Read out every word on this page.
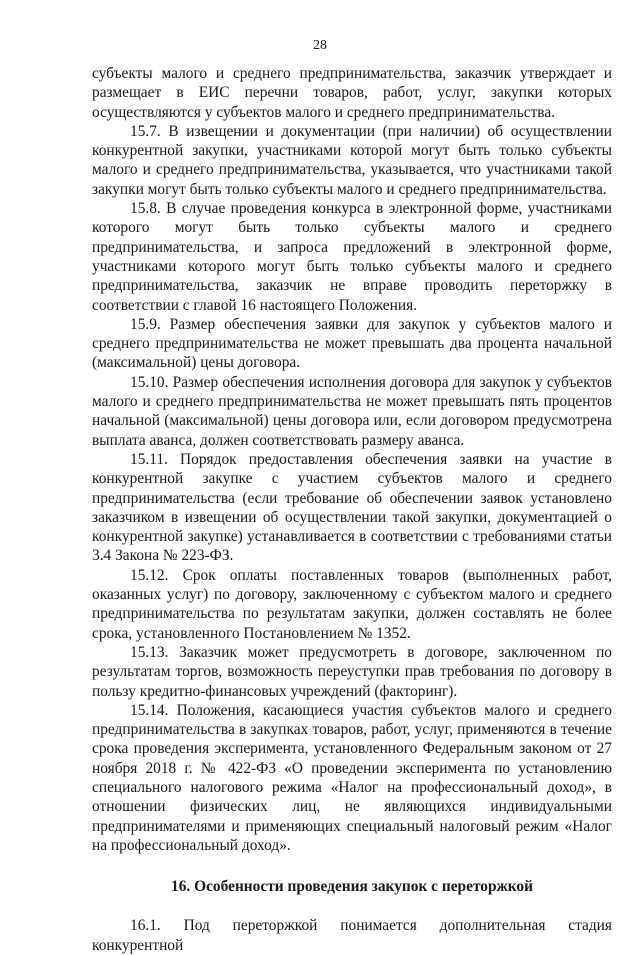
28

субъекты малого и среднего предпринимательства, заказчик утверждает и размещает в ЕИС перечни товаров, работ, услуг, закупки которых осуществляются у субъектов малого и среднего предпринимательства.

15.7. В извещении и документации (при наличии) об осуществлении конкурентной закупки, участниками которой могут быть только субъекты малого и среднего предпринимательства, указывается, что участниками такой закупки могут быть только субъекты малого и среднего предпринимательства.

15.8. В случае проведения конкурса в электронной форме, участниками которого могут быть только субъекты малого и среднего предпринимательства, и запроса предложений в электронной форме, участниками которого могут быть только субъекты малого и среднего предпринимательства, заказчик не вправе проводить переторжку в соответствии с главой 16 настоящего Положения.

15.9. Размер обеспечения заявки для закупок у субъектов малого и среднего предпринимательства не может превышать два процента начальной (максимальной) цены договора.

15.10. Размер обеспечения исполнения договора для закупок у субъектов малого и среднего предпринимательства не может превышать пять процентов начальной (максимальной) цены договора или, если договором предусмотрена выплата аванса, должен соответствовать размеру аванса.

15.11. Порядок предоставления обеспечения заявки на участие в конкурентной закупке с участием субъектов малого и среднего предпринимательства (если требование об обеспечении заявок установлено заказчиком в извещении об осуществлении такой закупки, документацией о конкурентной закупке) устанавливается в соответствии с требованиями статьи 3.4 Закона № 223-ФЗ.

15.12. Срок оплаты поставленных товаров (выполненных работ, оказанных услуг) по договору, заключенному с субъектом малого и среднего предпринимательства по результатам закупки, должен составлять не более срока, установленного Постановлением № 1352.

15.13. Заказчик может предусмотреть в договоре, заключенном по результатам торгов, возможность переуступки прав требования по договору в пользу кредитно-финансовых учреждений (факторинг).

15.14. Положения, касающиеся участия субъектов малого и среднего предпринимательства в закупках товаров, работ, услуг, применяются в течение срока проведения эксперимента, установленного Федеральным законом от 27 ноября 2018 г. № 422-ФЗ «О проведении эксперимента по установлению специального налогового режима «Налог на профессиональный доход», в отношении физических лиц, не являющихся индивидуальными предпринимателями и применяющих специальный налоговый режим «Налог на профессиональный доход».

16. Особенности проведения закупок с переторжкой

16.1. Под переторжкой понимается дополнительная стадия конкурентной
